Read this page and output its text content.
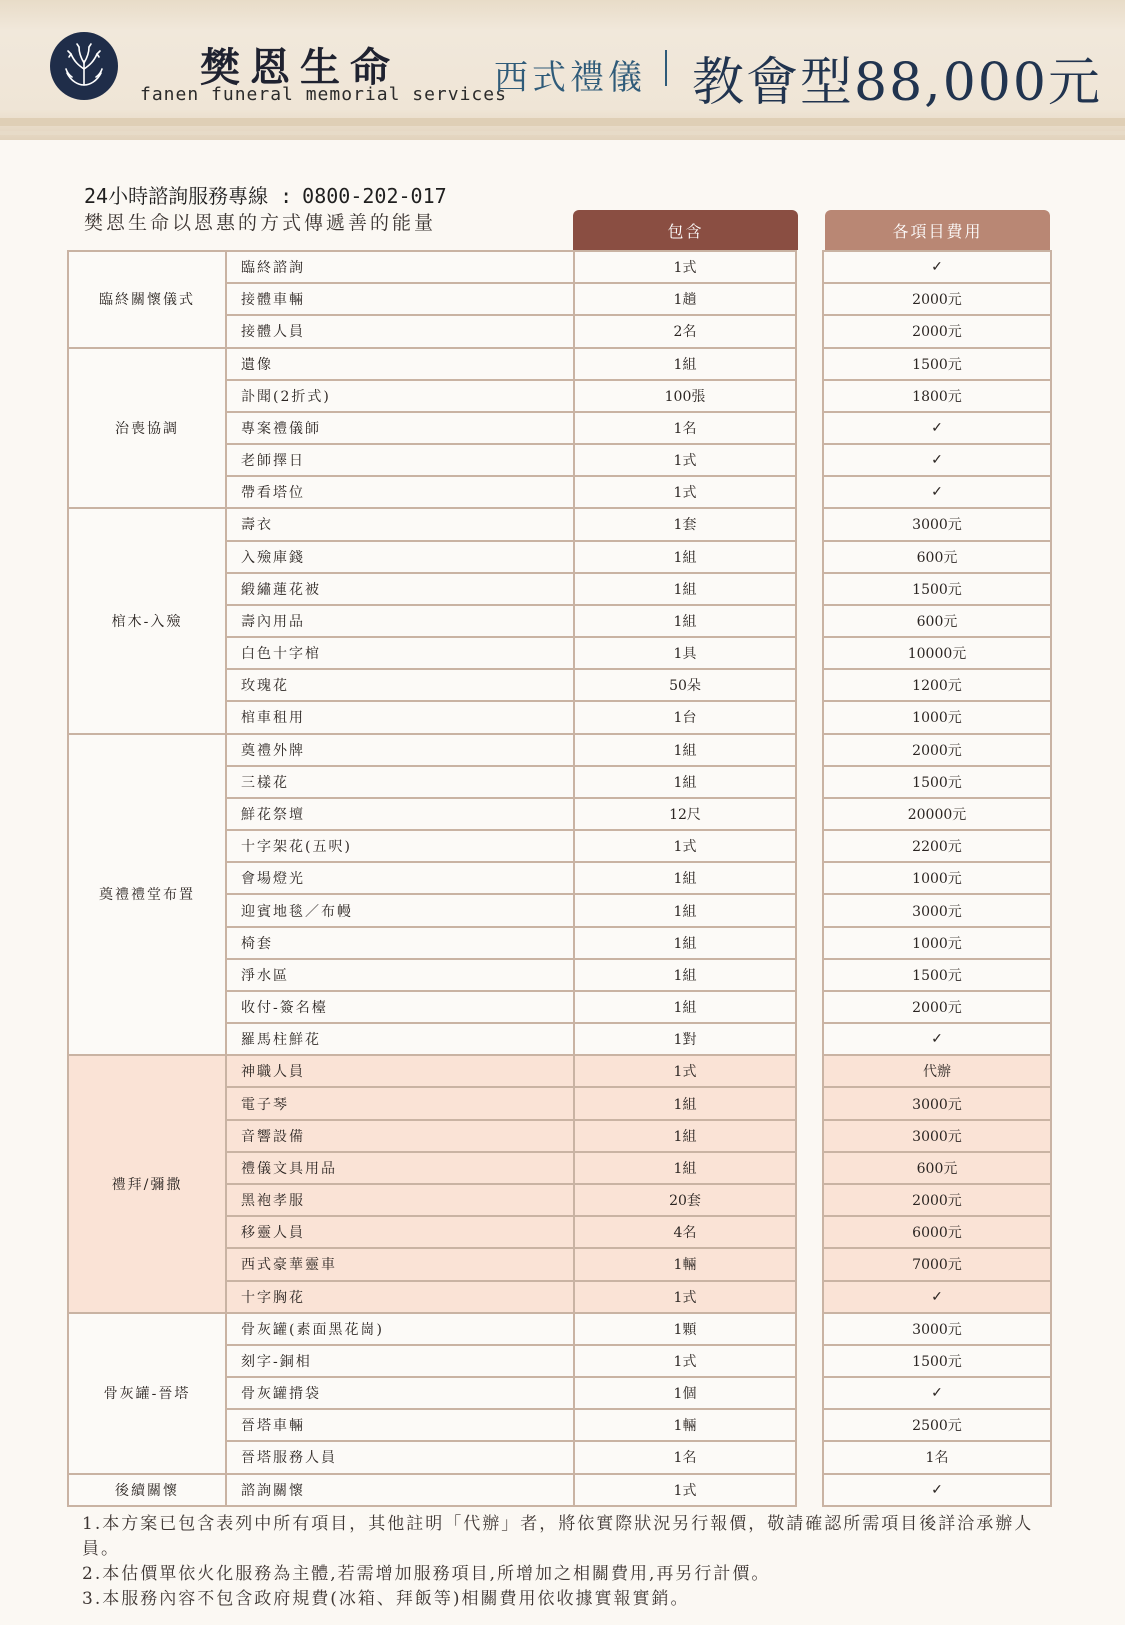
樊恩生命
fanen funeral memorial services
西式禮儀 教會型88,000元
24小時諮詢服務專線 : 0800-202-017
樊恩生命以恩惠的方式傳遞善的能量	包含	各項目費用
臨終關懷儀式	臨終諮詢	1式		✓
	接體車輛	1趟		2000元
	接體人員	2名		2000元
治喪協調	遺像	1組		1500元
	訃聞(2折式)	100張		1800元
	專案禮儀師	1名		✓
	老師擇日	1式		✓
	帶看塔位	1式		✓
棺木-入殮	壽衣	1套		3000元
	入殮庫錢	1組		600元
	緞繡蓮花被	1組		1500元
	壽內用品	1組		600元
	白色十字棺	1具		10000元
	玫瑰花	50朵		1200元
	棺車租用	1台		1000元
奠禮禮堂布置	奠禮外牌	1組		2000元
	三樣花	1組		1500元
	鮮花祭壇	12尺		20000元
	十字架花(五呎)	1式		2200元
	會場燈光	1組		1000元
	迎賓地毯／布幔	1組		3000元
	椅套	1組		1000元
	淨水區	1組		1500元
	收付-簽名檯	1組		2000元
	羅馬柱鮮花	1對		✓
禮拜/彌撒	神職人員	1式		代辦
	電子琴	1組		3000元
	音響設備	1組		3000元
	禮儀文具用品	1組		600元
	黑袍孝服	20套		2000元
	移靈人員	4名		6000元
	西式豪華靈車	1輛		7000元
	十字胸花	1式		✓
骨灰罐-晉塔	骨灰罐(素面黑花崗)	1顆		3000元
	刻字-銅相	1式		1500元
	骨灰罐揹袋	1個		✓
	晉塔車輛	1輛		2500元
	晉塔服務人員	1名		1名
後續關懷	諮詢關懷	1式		✓
1.本方案已包含表列中所有項目，其他註明「代辦」者，將依實際狀況另行報價，敬請確認所需項目後詳洽承辦人員。
2.本估價單依火化服務為主體,若需增加服務項目,所增加之相關費用,再另行計價。
3.本服務內容不包含政府規費(冰箱、拜飯等)相關費用依收據實報實銷。
